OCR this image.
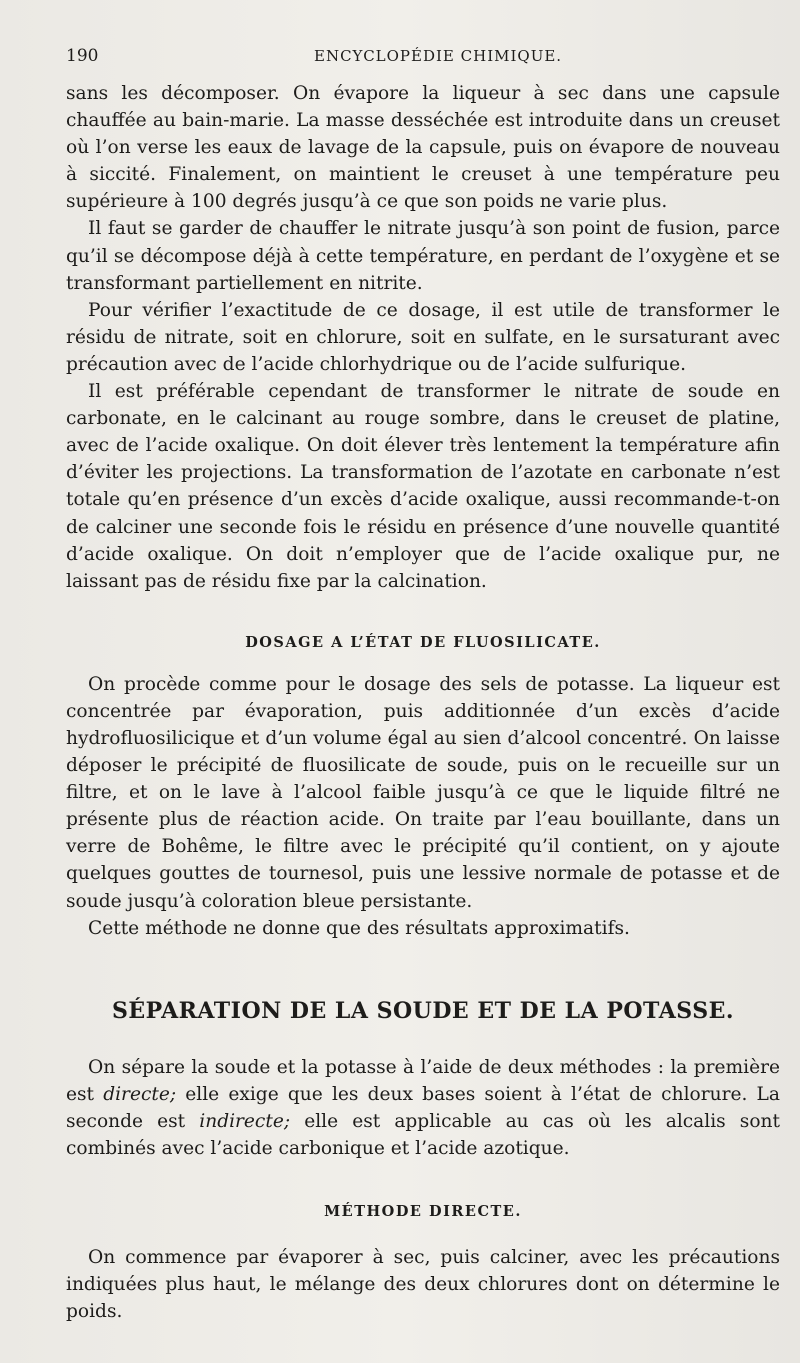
190	ENCYCLOPÉDIE CHIMIQUE.

sans les décomposer. On évapore la liqueur à sec dans une capsule chauffée au bain-marie. La masse desséchée est introduite dans un creuset où l’on verse les eaux de lavage de la capsule, puis on évapore de nouveau à siccité. Finalement, on maintient le creuset à une température peu supérieure à 100 degrés jusqu’à ce que son poids ne varie plus.

Il faut se garder de chauffer le nitrate jusqu’à son point de fusion, parce qu’il se décompose déjà à cette température, en perdant de l’oxygène et se transformant partiellement en nitrite.

Pour vérifier l’exactitude de ce dosage, il est utile de transformer le résidu de nitrate, soit en chlorure, soit en sulfate, en le sursaturant avec précaution avec de l’acide chlorhydrique ou de l’acide sulfurique.

Il est préférable cependant de transformer le nitrate de soude en carbonate, en le calcinant au rouge sombre, dans le creuset de platine, avec de l’acide oxalique. On doit élever très lentement la température afin d’éviter les projections. La transformation de l’azotate en carbonate n’est totale qu’en présence d’un excès d’acide oxalique, aussi recommande-t-on de calciner une seconde fois le résidu en présence d’une nouvelle quantité d’acide oxalique. On doit n’employer que de l’acide oxalique pur, ne laissant pas de résidu fixe par la calcination.

DOSAGE A L’ÉTAT DE FLUOSILICATE.

On procède comme pour le dosage des sels de potasse. La liqueur est concentrée par évaporation, puis additionnée d’un excès d’acide hydrofluosilicique et d’un volume égal au sien d’alcool concentré. On laisse déposer le précipité de fluosilicate de soude, puis on le recueille sur un filtre, et on le lave à l’alcool faible jusqu’à ce que le liquide filtré ne présente plus de réaction acide. On traite par l’eau bouillante, dans un verre de Bohême, le filtre avec le précipité qu’il contient, on y ajoute quelques gouttes de tournesol, puis une lessive normale de potasse et de soude jusqu’à coloration bleue persistante.

Cette méthode ne donne que des résultats approximatifs.

SÉPARATION DE LA SOUDE ET DE LA POTASSE.

On sépare la soude et la potasse à l’aide de deux méthodes : la première est directe; elle exige que les deux bases soient à l’état de chlorure. La seconde est indirecte; elle est applicable au cas où les alcalis sont combinés avec l’acide carbonique et l’acide azotique.

MÉTHODE DIRECTE.

On commence par évaporer à sec, puis calciner, avec les précautions indiquées plus haut, le mélange des deux chlorures dont on détermine le poids.
